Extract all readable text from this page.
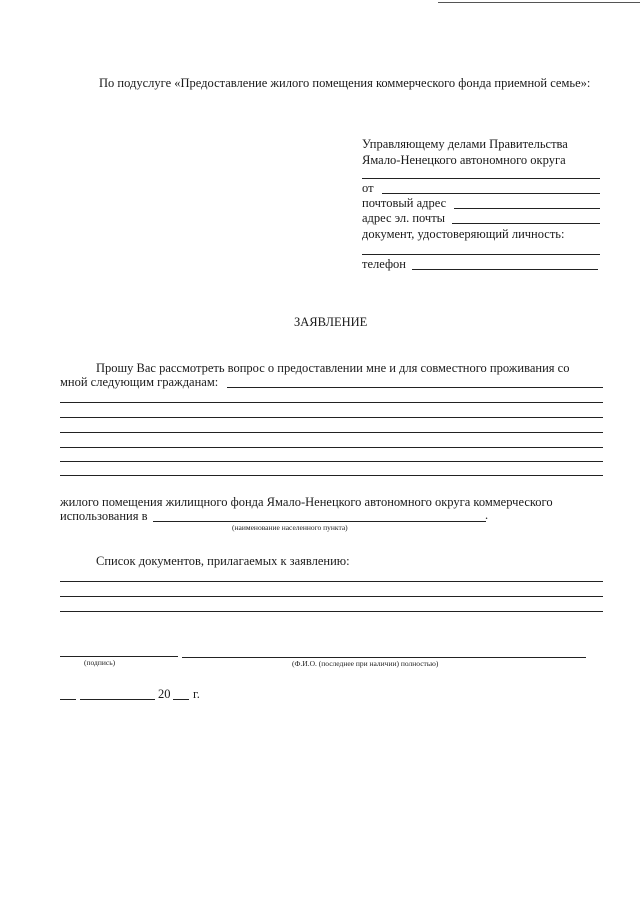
По подуслуге «Предоставление жилого помещения коммерческого фонда приемной семье»:
Управляющему делами Правительства
Ямало-Ненецкого автономного округа
от
почтовый адрес
адрес эл. почты
документ, удостоверяющий личность:
телефон
ЗАЯВЛЕНИЕ
Прошу Вас рассмотреть вопрос о предоставлении мне и для совместного проживания со
мной следующим гражданам:
жилого помещения жилищного фонда Ямало-Ненецкого автономного округа коммерческого
использования в	.
(наименование населенного пункта)
Список документов, прилагаемых к заявлению:
(подпись)	(Ф.И.О. (последнее при наличии) полностью)
20 г.
